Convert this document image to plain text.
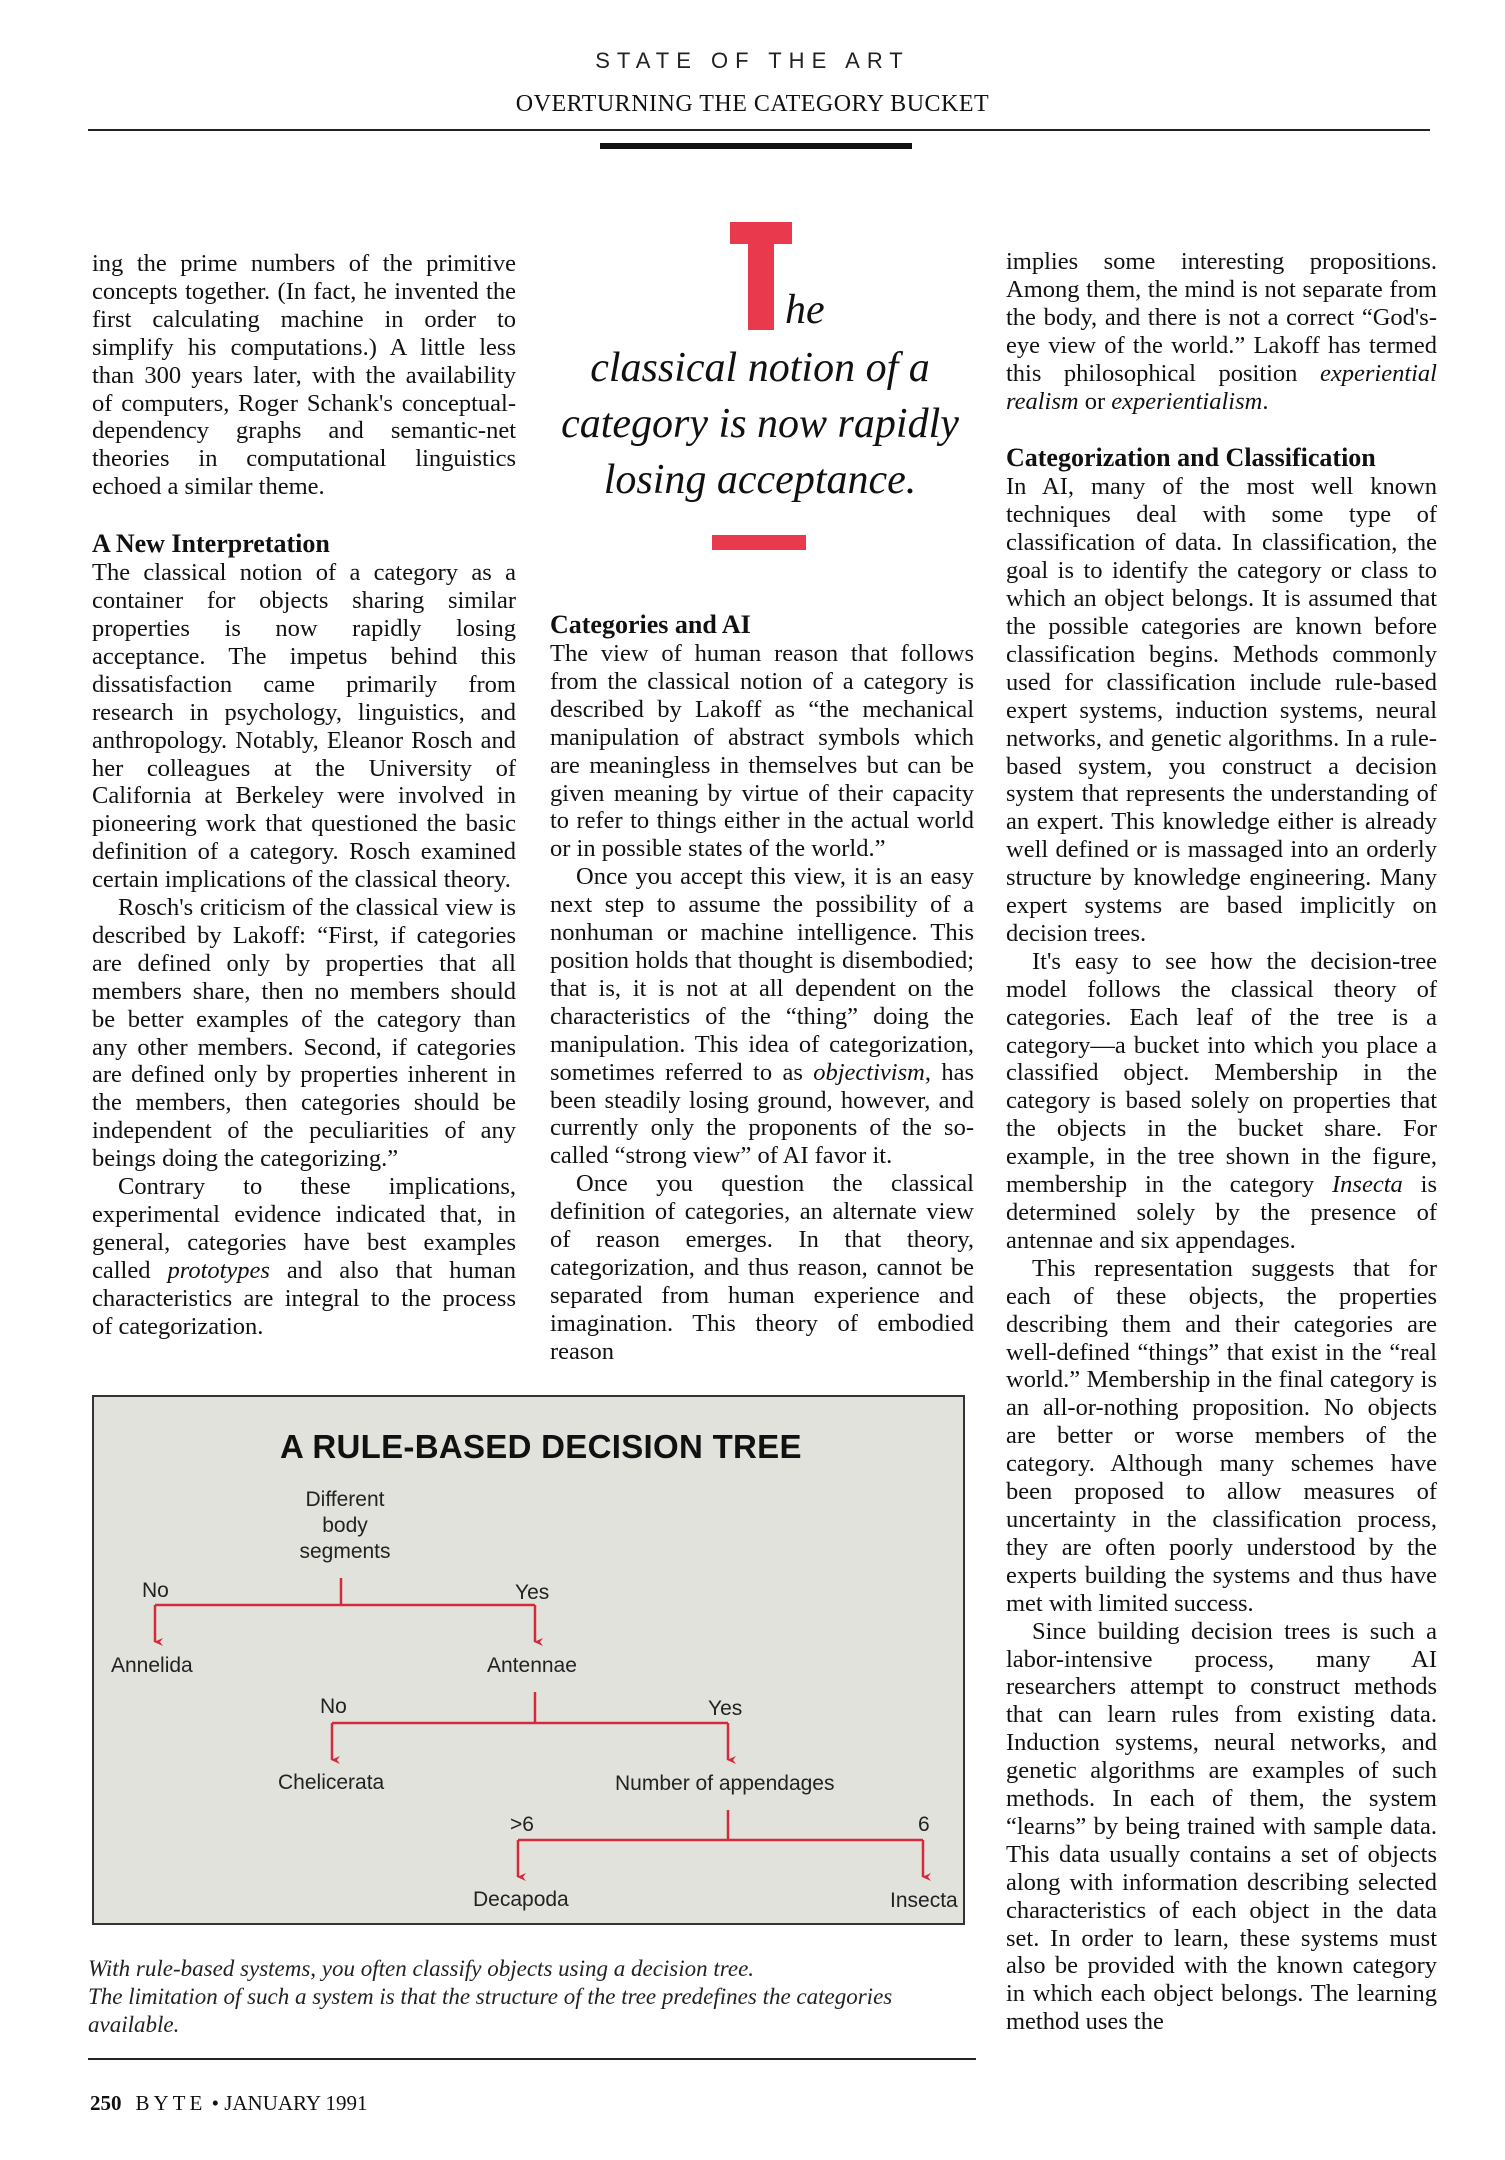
STATE OF THE ART
OVERTURNING THE CATEGORY BUCKET

ing the prime numbers of the primitive concepts together. (In fact, he invented the first calculating machine in order to simplify his computations.) A little less than 300 years later, with the availability of computers, Roger Schank's conceptual-dependency graphs and semantic-net theories in computational linguistics echoed a similar theme.

A New Interpretation

The classical notion of a category as a container for objects sharing similar properties is now rapidly losing acceptance. The impetus behind this dissatisfaction came primarily from research in psychology, linguistics, and anthropology. Notably, Eleanor Rosch and her colleagues at the University of California at Berkeley were involved in pioneering work that questioned the basic definition of a category. Rosch examined certain implications of the classical theory.

Rosch's criticism of the classical view is described by Lakoff: “First, if categories are defined only by properties that all members share, then no members should be better examples of the category than any other members. Second, if categories are defined only by properties inherent in the members, then categories should be independent of the peculiarities of any beings doing the categorizing.”

Contrary to these implications, experimental evidence indicated that, in general, categories have best examples called prototypes and also that human characteristics are integral to the process of categorization.

T he
classical notion of a category is now rapidly losing acceptance.
Categories and AI

The view of human reason that follows from the classical notion of a category is described by Lakoff as “the mechanical manipulation of abstract symbols which are meaningless in themselves but can be given meaning by virtue of their capacity to refer to things either in the actual world or in possible states of the world.”

Once you accept this view, it is an easy next step to assume the possibility of a nonhuman or machine intelligence. This position holds that thought is disembodied; that is, it is not at all dependent on the characteristics of the “thing” doing the manipulation. This idea of categorization, sometimes referred to as objectivism, has been steadily losing ground, however, and currently only the proponents of the so-called “strong view” of AI favor it.

Once you question the classical definition of categories, an alternate view of reason emerges. In that theory, categorization, and thus reason, cannot be separated from human experience and imagination. This theory of embodied reason

implies some interesting propositions. Among them, the mind is not separate from the body, and there is not a correct “God's-eye view of the world.” Lakoff has termed this philosophical position experiential realism or experientialism.

Categorization and Classification

In AI, many of the most well known techniques deal with some type of classification of data. In classification, the goal is to identify the category or class to which an object belongs. It is assumed that the possible categories are known before classification begins. Methods commonly used for classification include rule-based expert systems, induction systems, neural networks, and genetic algorithms. In a rule-based system, you construct a decision system that represents the understanding of an expert. This knowledge either is already well defined or is massaged into an orderly structure by knowledge engineering. Many expert systems are based implicitly on decision trees.

It's easy to see how the decision-tree model follows the classical theory of categories. Each leaf of the tree is a category—a bucket into which you place a classified object. Membership in the category is based solely on properties that the objects in the bucket share. For example, in the tree shown in the figure, membership in the category Insecta is determined solely by the presence of antennae and six appendages.

This representation suggests that for each of these objects, the properties describing them and their categories are well-defined “things” that exist in the “real world.” Membership in the final category is an all-or-nothing proposition. No objects are better or worse members of the category. Although many schemes have been proposed to allow measures of uncertainty in the classification process, they are often poorly understood by the experts building the systems and thus have met with limited success.

Since building decision trees is such a labor-intensive process, many AI researchers attempt to construct methods that can learn rules from existing data. Induction systems, neural networks, and genetic algorithms are examples of such methods. In each of them, the system “learns” by being trained with sample data. This data usually contains a set of objects along with information describing selected characteristics of each object in the data set. In order to learn, these systems must also be provided with the known category in which each object belongs. The learning method uses the

A RULE-BASED DECISION TREE
Different body segments
No	Yes
Annelida	Antennae
No	Yes
Chelicerata	Number of appendages
>6	6
Decapoda	Insecta
With rule-based systems, you often classify objects using a decision tree.
The limitation of such a system is that the structure of the tree predefines the categories available.
250 BYTE • JANUARY 1991
